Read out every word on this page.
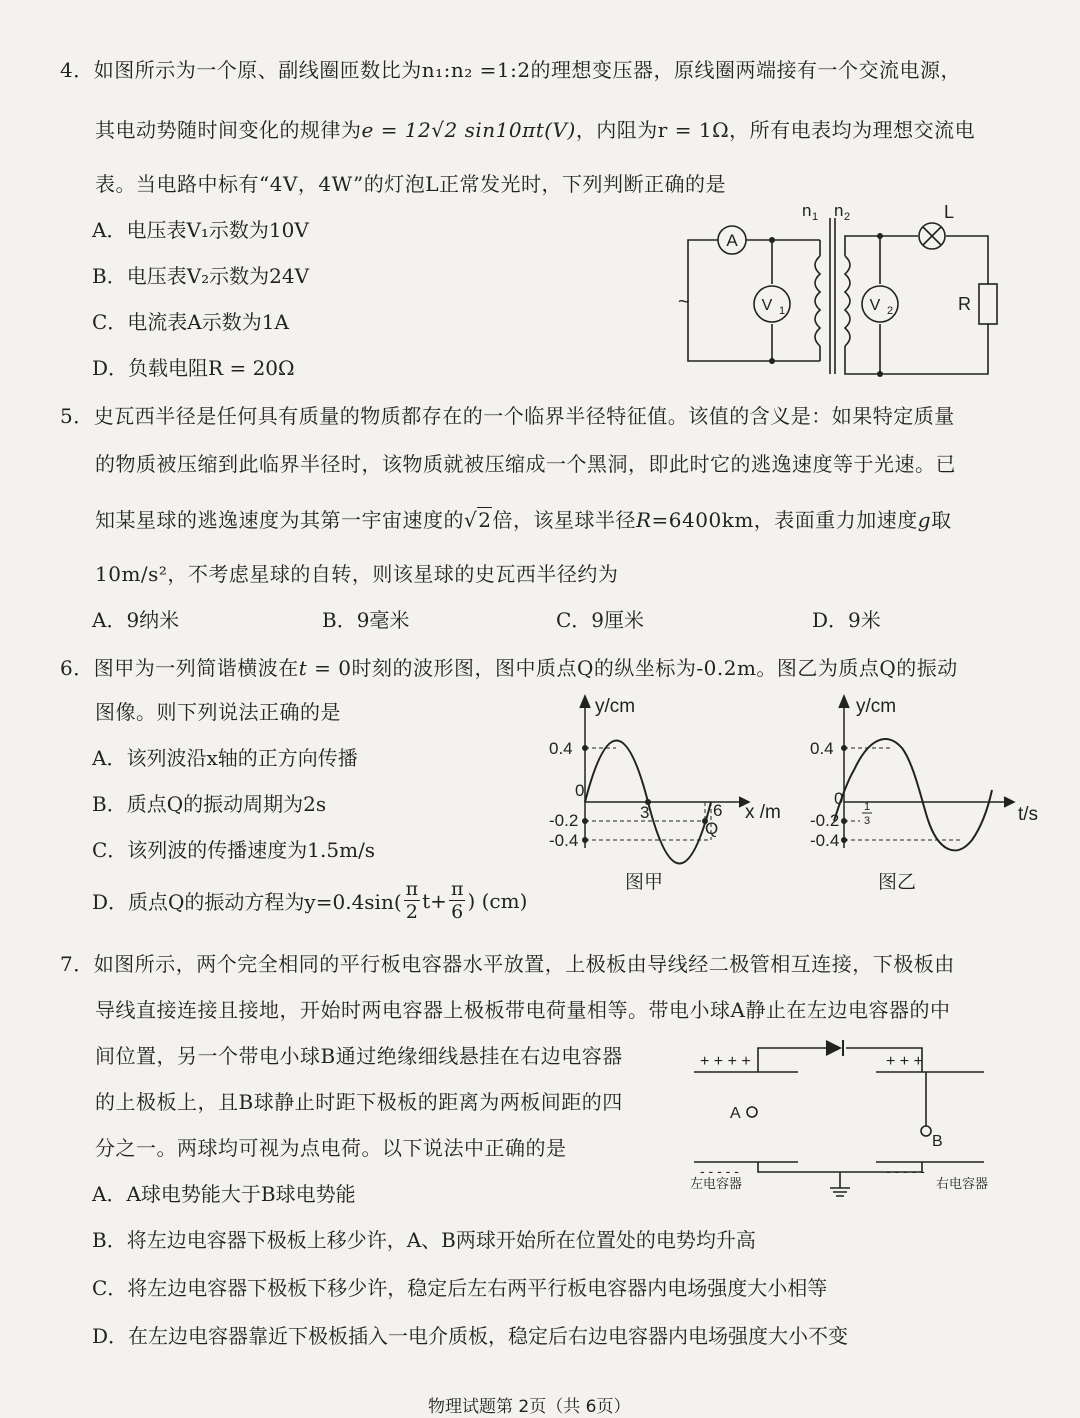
4．如图所示为一个原、副线圈匝数比为n₁:n₂ =1:2的理想变压器，原线圈两端接有一个交流电源，
其电动势随时间变化的规律为e = 12√2 sin10πt(V)，内阻为r = 1Ω，所有电表均为理想交流电
表。当电路中标有“4V，4W”的灯泡L正常发光时，下列判断正确的是
A．电压表V₁示数为10V
B．电压表V₂示数为24V
C．电流表A示数为1A
D．负载电阻R = 20Ω
A
V 1	V 2
~
n 1 n 2	L
R
5．史瓦西半径是任何具有质量的物质都存在的一个临界半径特征值。该值的含义是：如果特定质量
的物质被压缩到此临界半径时，该物质就被压缩成一个黑洞，即此时它的逃逸速度等于光速。已
知某星球的逃逸速度为其第一宇宙速度的√2倍，该星球半径R=6400km，表面重力加速度g取
10m/s²，不考虑星球的自转，则该星球的史瓦西半径约为
A．9纳米	B．9毫米	C．9厘米	D．9米
6．图甲为一列简谐横波在t = 0时刻的波形图，图中质点Q的纵坐标为-0.2m。图乙为质点Q的振动
图像。则下列说法正确的是
A．该列波沿x轴的正方向传播
B．质点Q的振动周期为2s
C．该列波的传播速度为1.5m/s
D．质点Q的振动方程为$y=0.4\sin( \frac{\pi}{2} t+ \frac{\pi}{6}$ ) (cm)
y/cm
x /m
0.4
0
-0.2
-0.4
3	6
Q
图甲
y/cm
t/s
0.4
0
-0.2
-0.4
1
3
图乙
7．如图所示，两个完全相同的平行板电容器水平放置，上极板由导线经二极管相互连接，下极板由
导线直接连接且接地，开始时两电容器上极板带电荷量相等。带电小球A静止在左边电容器的中
间位置，另一个带电小球B通过绝缘细线悬挂在右边电容器
的上极板上，且B球静止时距下极板的距离为两板间距的四
分之一。两球均可视为点电荷。以下说法中正确的是
A．A球电势能大于B球电势能
B．将左边电容器下极板上移少许，A、B两球开始所在位置处的电势均升高
C．将左边电容器下极板下移少许，稳定后左右两平行板电容器内电场强度大小相等
D．在左边电容器靠近下极板插入一电介质板，稳定后右边电容器内电场强度大小不变
+ + + +	+ + +
- - - - -	- - - - -
A
B
左电容器	右电容器
物理试题第 2页（共 6页）
